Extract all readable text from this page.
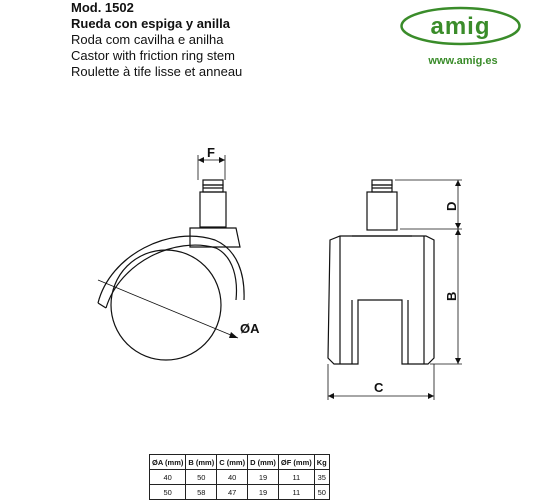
Mod. 1502
Rueda con espiga y anilla
Roda com cavilha e anilha
Castor with friction ring stem
Roulette à tife lisse et anneau
amig
www.amig.es
F
ØA
D
B
C
ØA (mm)	B (mm)	C (mm)	D (mm)	ØF (mm)	Kg
40	50	40	19	11	35
50	58	47	19	11	50
